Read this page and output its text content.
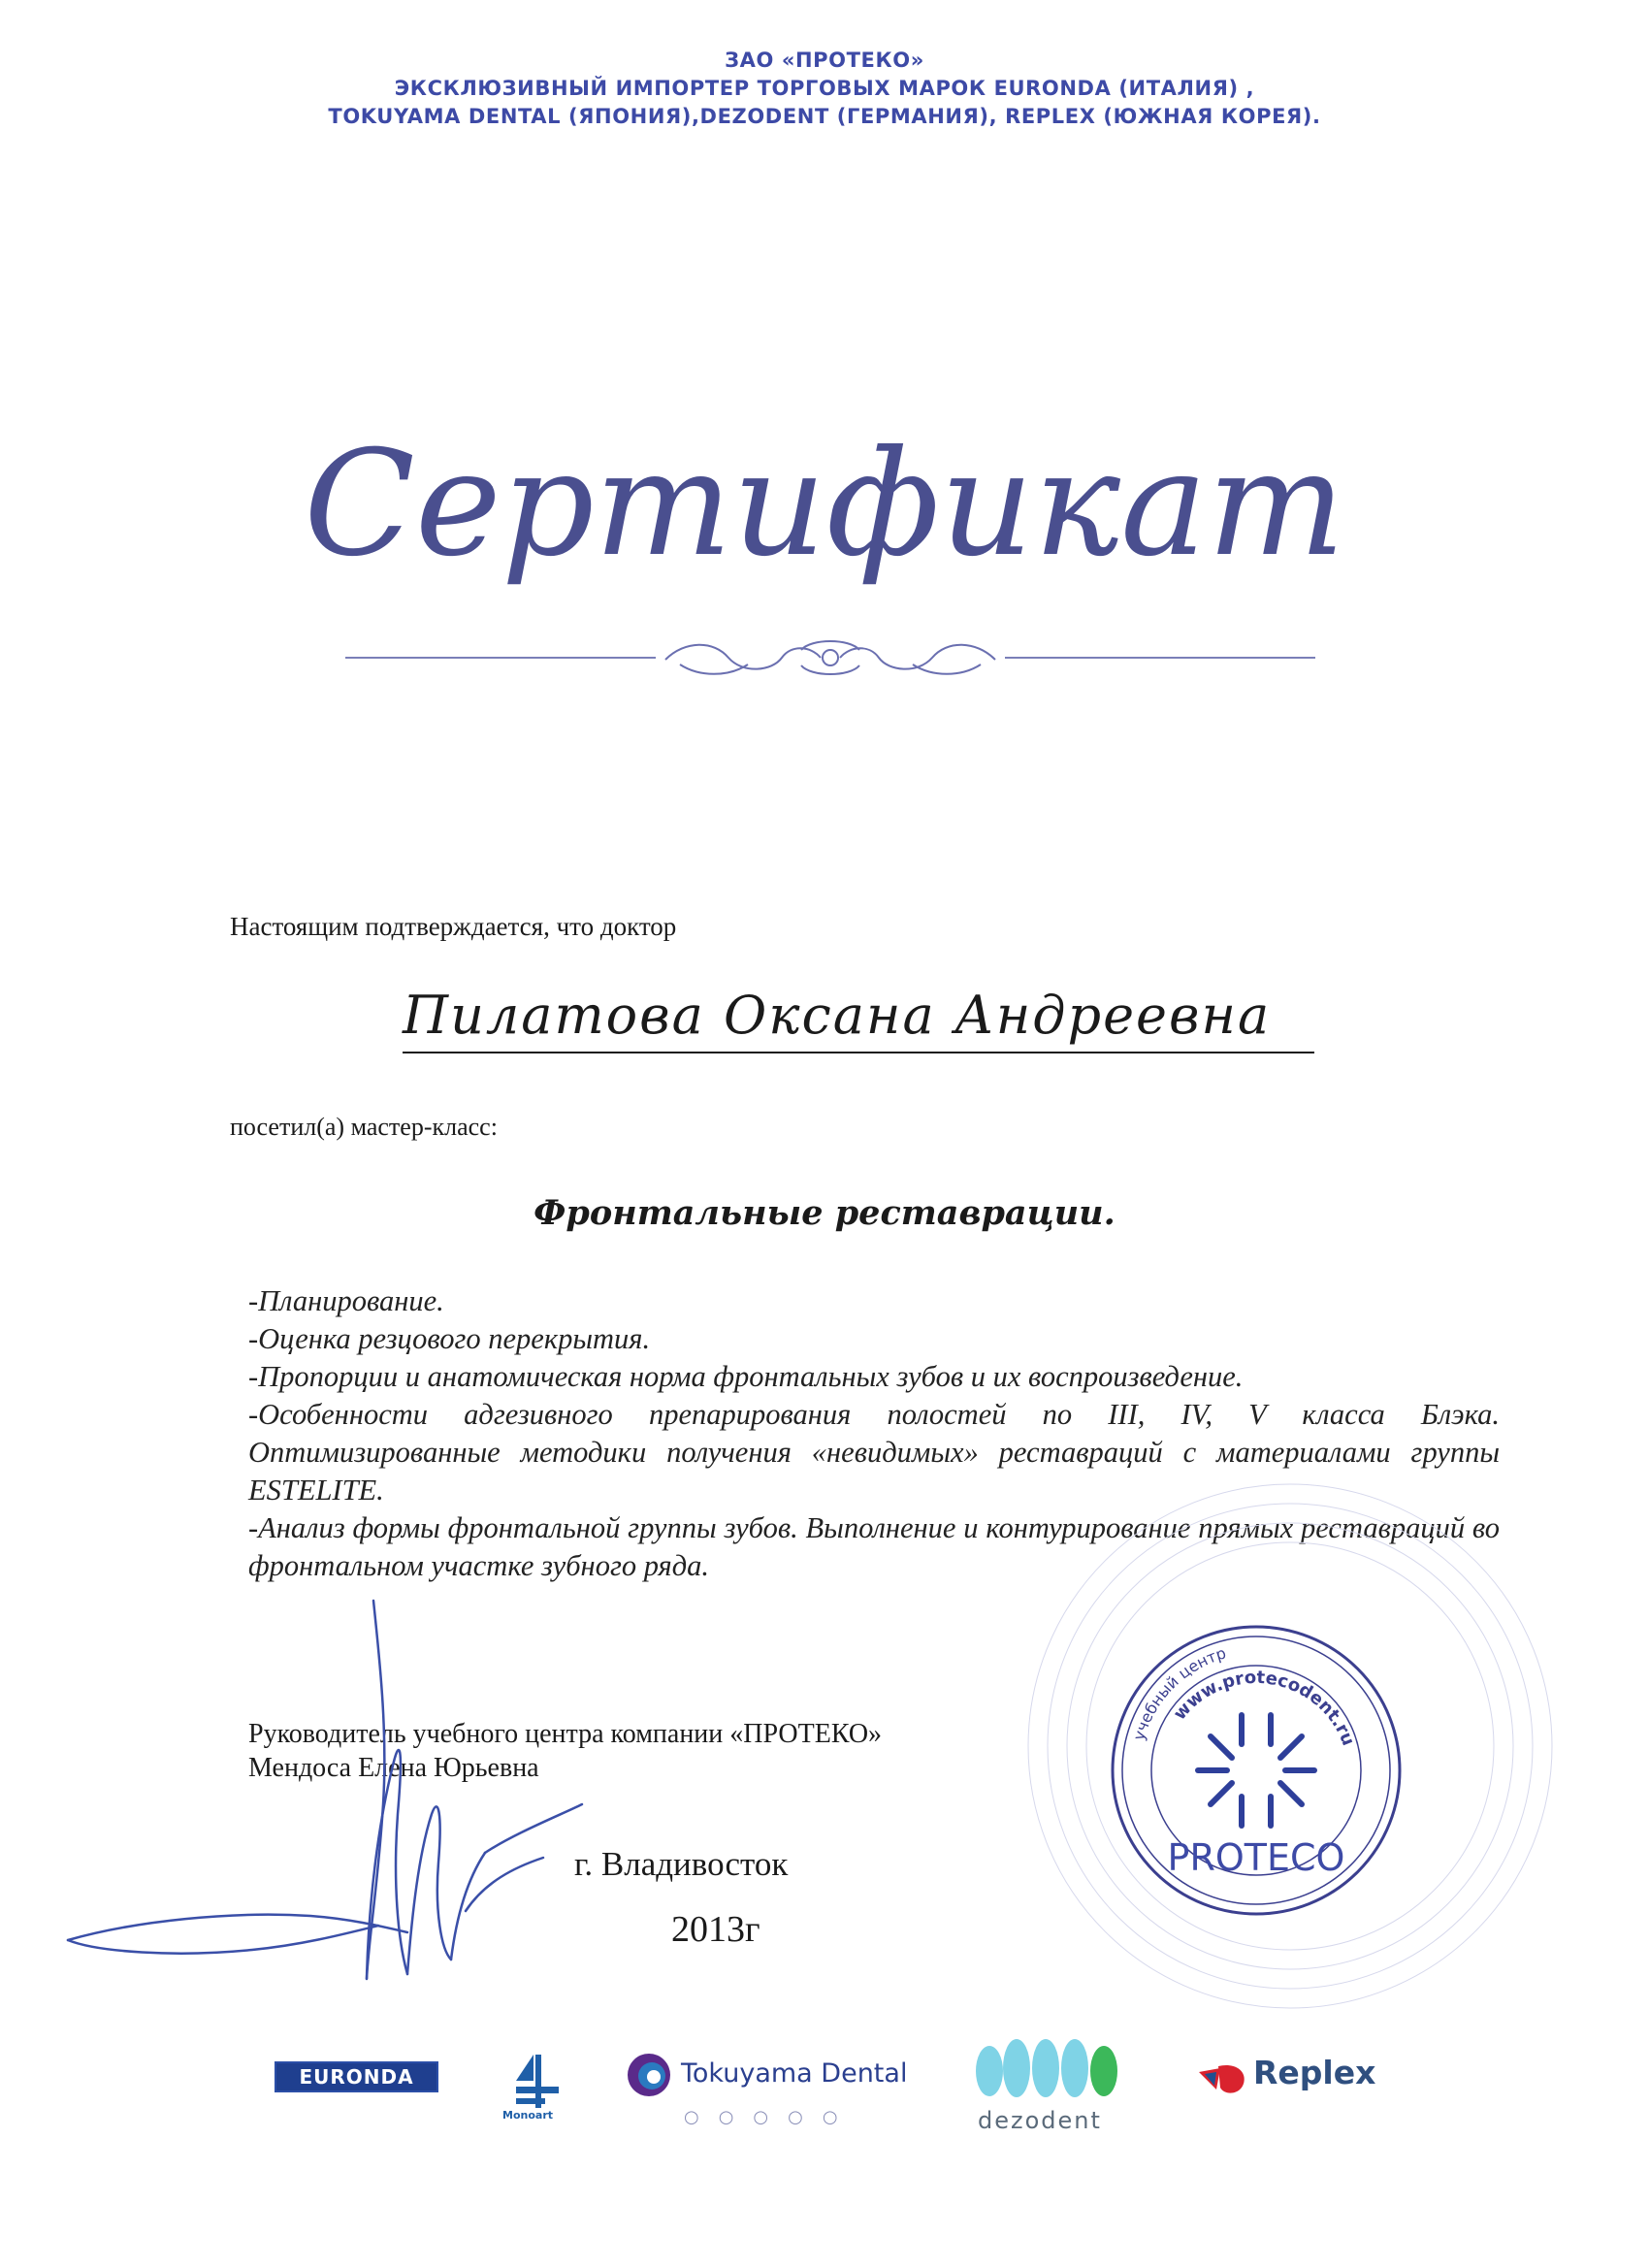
ЗАО «ПРОТЕКО»
ЭКСКЛЮЗИВНЫЙ ИМПОРТЕР ТОРГОВЫХ МАРОК EURONDA (ИТАЛИЯ) ,
TOKUYAMA DENTAL (ЯПОНИЯ),DEZODENT (ГЕРМАНИЯ), REPLEX (ЮЖНАЯ КОРЕЯ).
Сертификат
Настоящим подтверждается, что доктор
Пилатова Оксана Андреевна
посетил(а) мастер-класс:
Фронтальные реставрации.

-Планирование.

-Оценка резцового перекрытия.

-Пропорции и анатомическая норма фронтальных зубов и их воспроизведение.

-Особенности адгезивного препарирования полостей по III, IV, V класса Блэка. Оптимизированные методики получения «невидимых» реставраций с материалами группы ESTELITE.

-Анализ формы фронтальной группы зубов. Выполнение и контурирование прямых реставраций во фронтальном участке зубного ряда.

Руководитель учебного центра компании «ПРОТЕКО»
Мендоса Елена Юрьевна
г. Владивосток
2013г
учебный центр
www.protecodent.ru
PROTECO
EURONDA
Monoart
Tokuyama Dental
○○○○○	dezodent
Replex
